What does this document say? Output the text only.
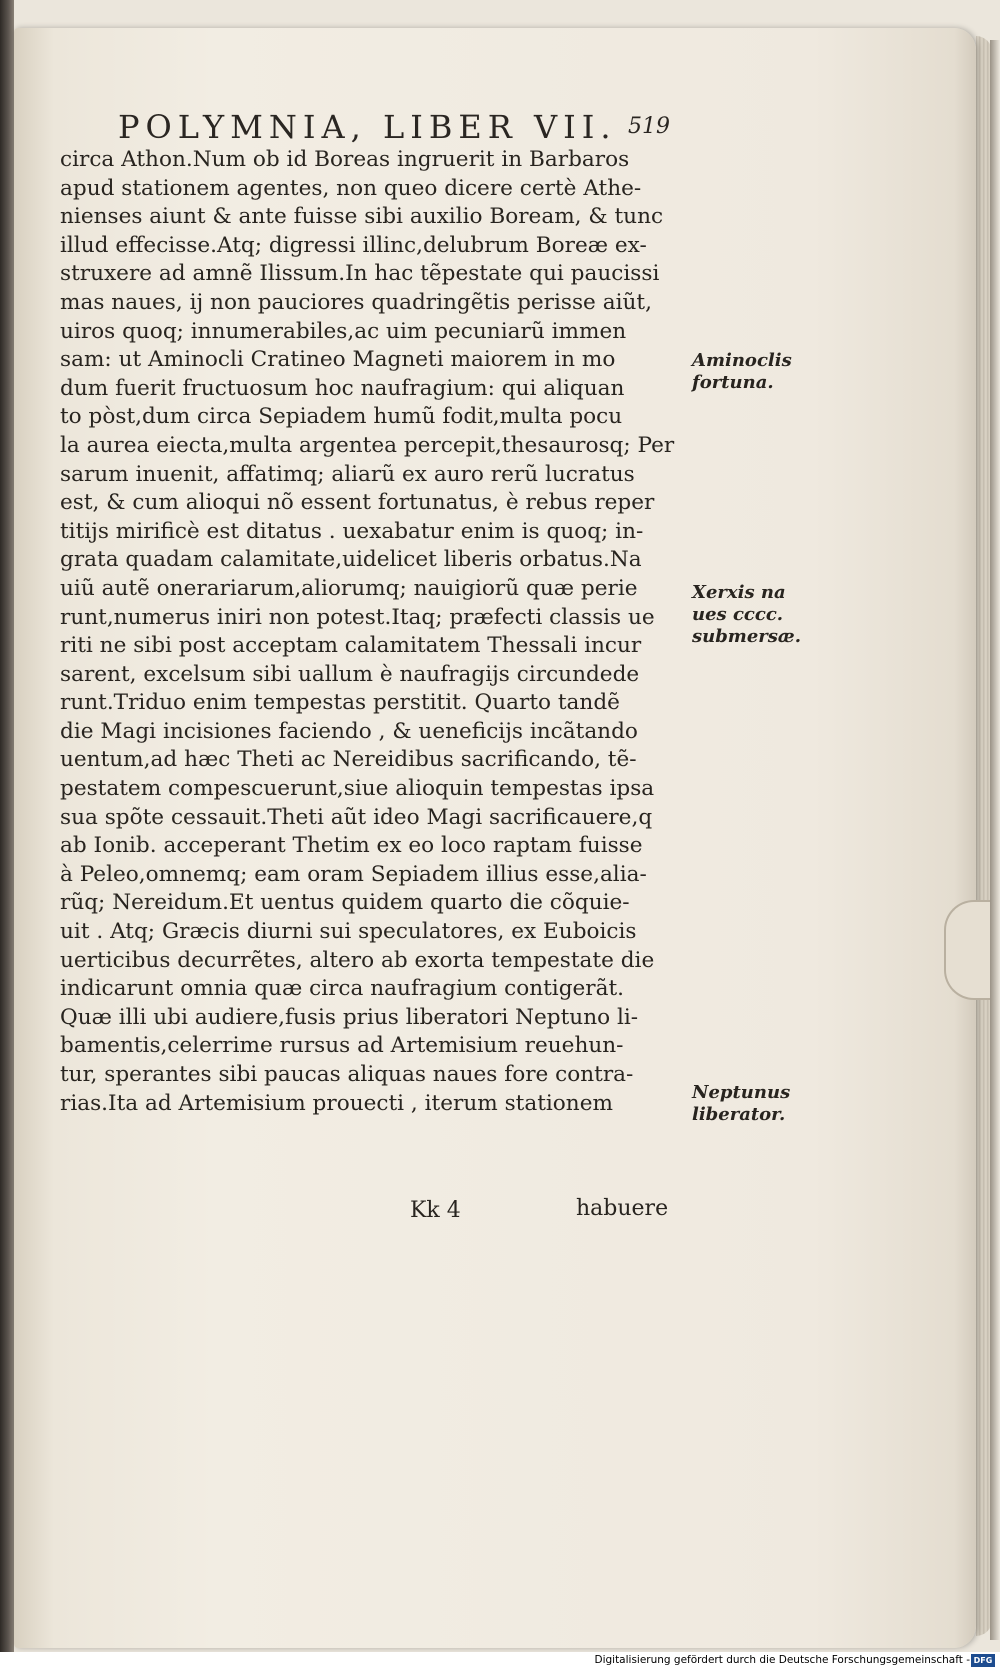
POLYMNIA, LIBER VII. 519
circa Athon.Num ob id Boreas ingruerit in Barbaros
apud stationem agentes, non queo dicere certè Athe-
nienses aiunt & ante fuisse sibi auxilio Boream, & tunc
illud effecisse.Atq; digressi illinc,delubrum Boreæ ex-
struxere ad amnẽ Ilissum.In hac tẽpestate qui paucissi
mas naues, ij non pauciores quadringẽtis perisse aiũt,
uiros quoq; innumerabiles,ac uim pecuniarũ immen
sam: ut Aminocli Cratineo Magneti maiorem in mo
dum fuerit fructuosum hoc naufragium: qui aliquan
to pòst,dum circa Sepiadem humũ fodit,multa pocu
la aurea eiecta,multa argentea percepit,thesaurosq; Per
sarum inuenit, affatimq; aliarũ ex auro rerũ lucratus
est, & cum alioqui nõ essent fortunatus, è rebus reper
titijs mirificè est ditatus . uexabatur enim is quoq; in-
grata quadam calamitate,uidelicet liberis orbatus.Na
uiũ autẽ onerariarum,aliorumq; nauigiorũ quæ perie
runt,numerus iniri non potest.Itaq; præfecti classis ue
riti ne sibi post acceptam calamitatem Thessali incur
sarent, excelsum sibi uallum è naufragijs circundede
runt.Triduo enim tempestas perstitit. Quarto tandẽ
die Magi incisiones faciendo , & ueneficijs incãtando
uentum,ad hæc Theti ac Nereidibus sacrificando, tẽ-
pestatem compescuerunt,siue alioquin tempestas ipsa
sua spõte cessauit.Theti aũt ideo Magi sacrificauere,q
ab Ionib. acceperant Thetim ex eo loco raptam fuisse
à Peleo,omnemq; eam oram Sepiadem illius esse,alia-
rũq; Nereidum.Et uentus quidem quarto die cõquie-
uit . Atq; Græcis diurni sui speculatores, ex Euboicis
uerticibus decurrẽtes, altero ab exorta tempestate die
indicarunt omnia quæ circa naufragium contigerãt.
Quæ illi ubi audiere,fusis prius liberatori Neptuno li-
bamentis,celerrime rursus ad Artemisium reuehun-
tur, sperantes sibi paucas aliquas naues fore contra-
rias.Ita ad Artemisium prouecti , iterum stationem
Aminoclis
fortuna.
Xerxis na
ues cccc.
submersæ.
Neptunus
liberator.
Kk 4	habuere
Digitalisierung gefördert durch die Deutsche Forschungsgemeinschaft - DFG
